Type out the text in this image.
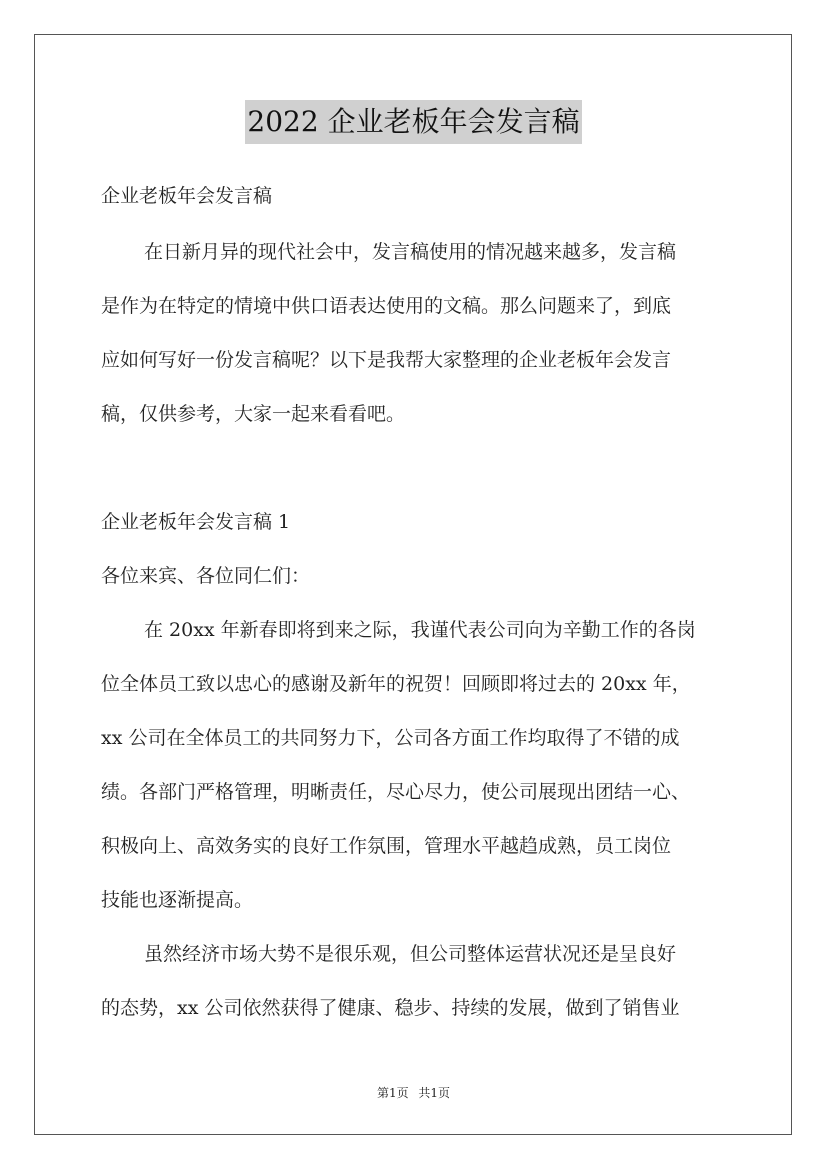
2022 企业老板年会发言稿
企业老板年会发言稿
在日新月异的现代社会中，发言稿使用的情况越来越多，发言稿
是作为在特定的情境中供口语表达使用的文稿。那么问题来了，到底
应如何写好一份发言稿呢？以下是我帮大家整理的企业老板年会发言
稿，仅供参考，大家一起来看看吧。
企业老板年会发言稿 1
各位来宾、各位同仁们：
在 20xx 年新春即将到来之际，我谨代表公司向为辛勤工作的各岗
位全体员工致以忠心的感谢及新年的祝贺！回顾即将过去的 20xx 年，
xx 公司在全体员工的共同努力下，公司各方面工作均取得了不错的成
绩。各部门严格管理，明晰责任，尽心尽力，使公司展现出团结一心、
积极向上、高效务实的良好工作氛围，管理水平越趋成熟，员工岗位
技能也逐渐提高。
虽然经济市场大势不是很乐观，但公司整体运营状况还是呈良好
的态势，xx 公司依然获得了健康、稳步、持续的发展，做到了销售业
第1页 共1页
